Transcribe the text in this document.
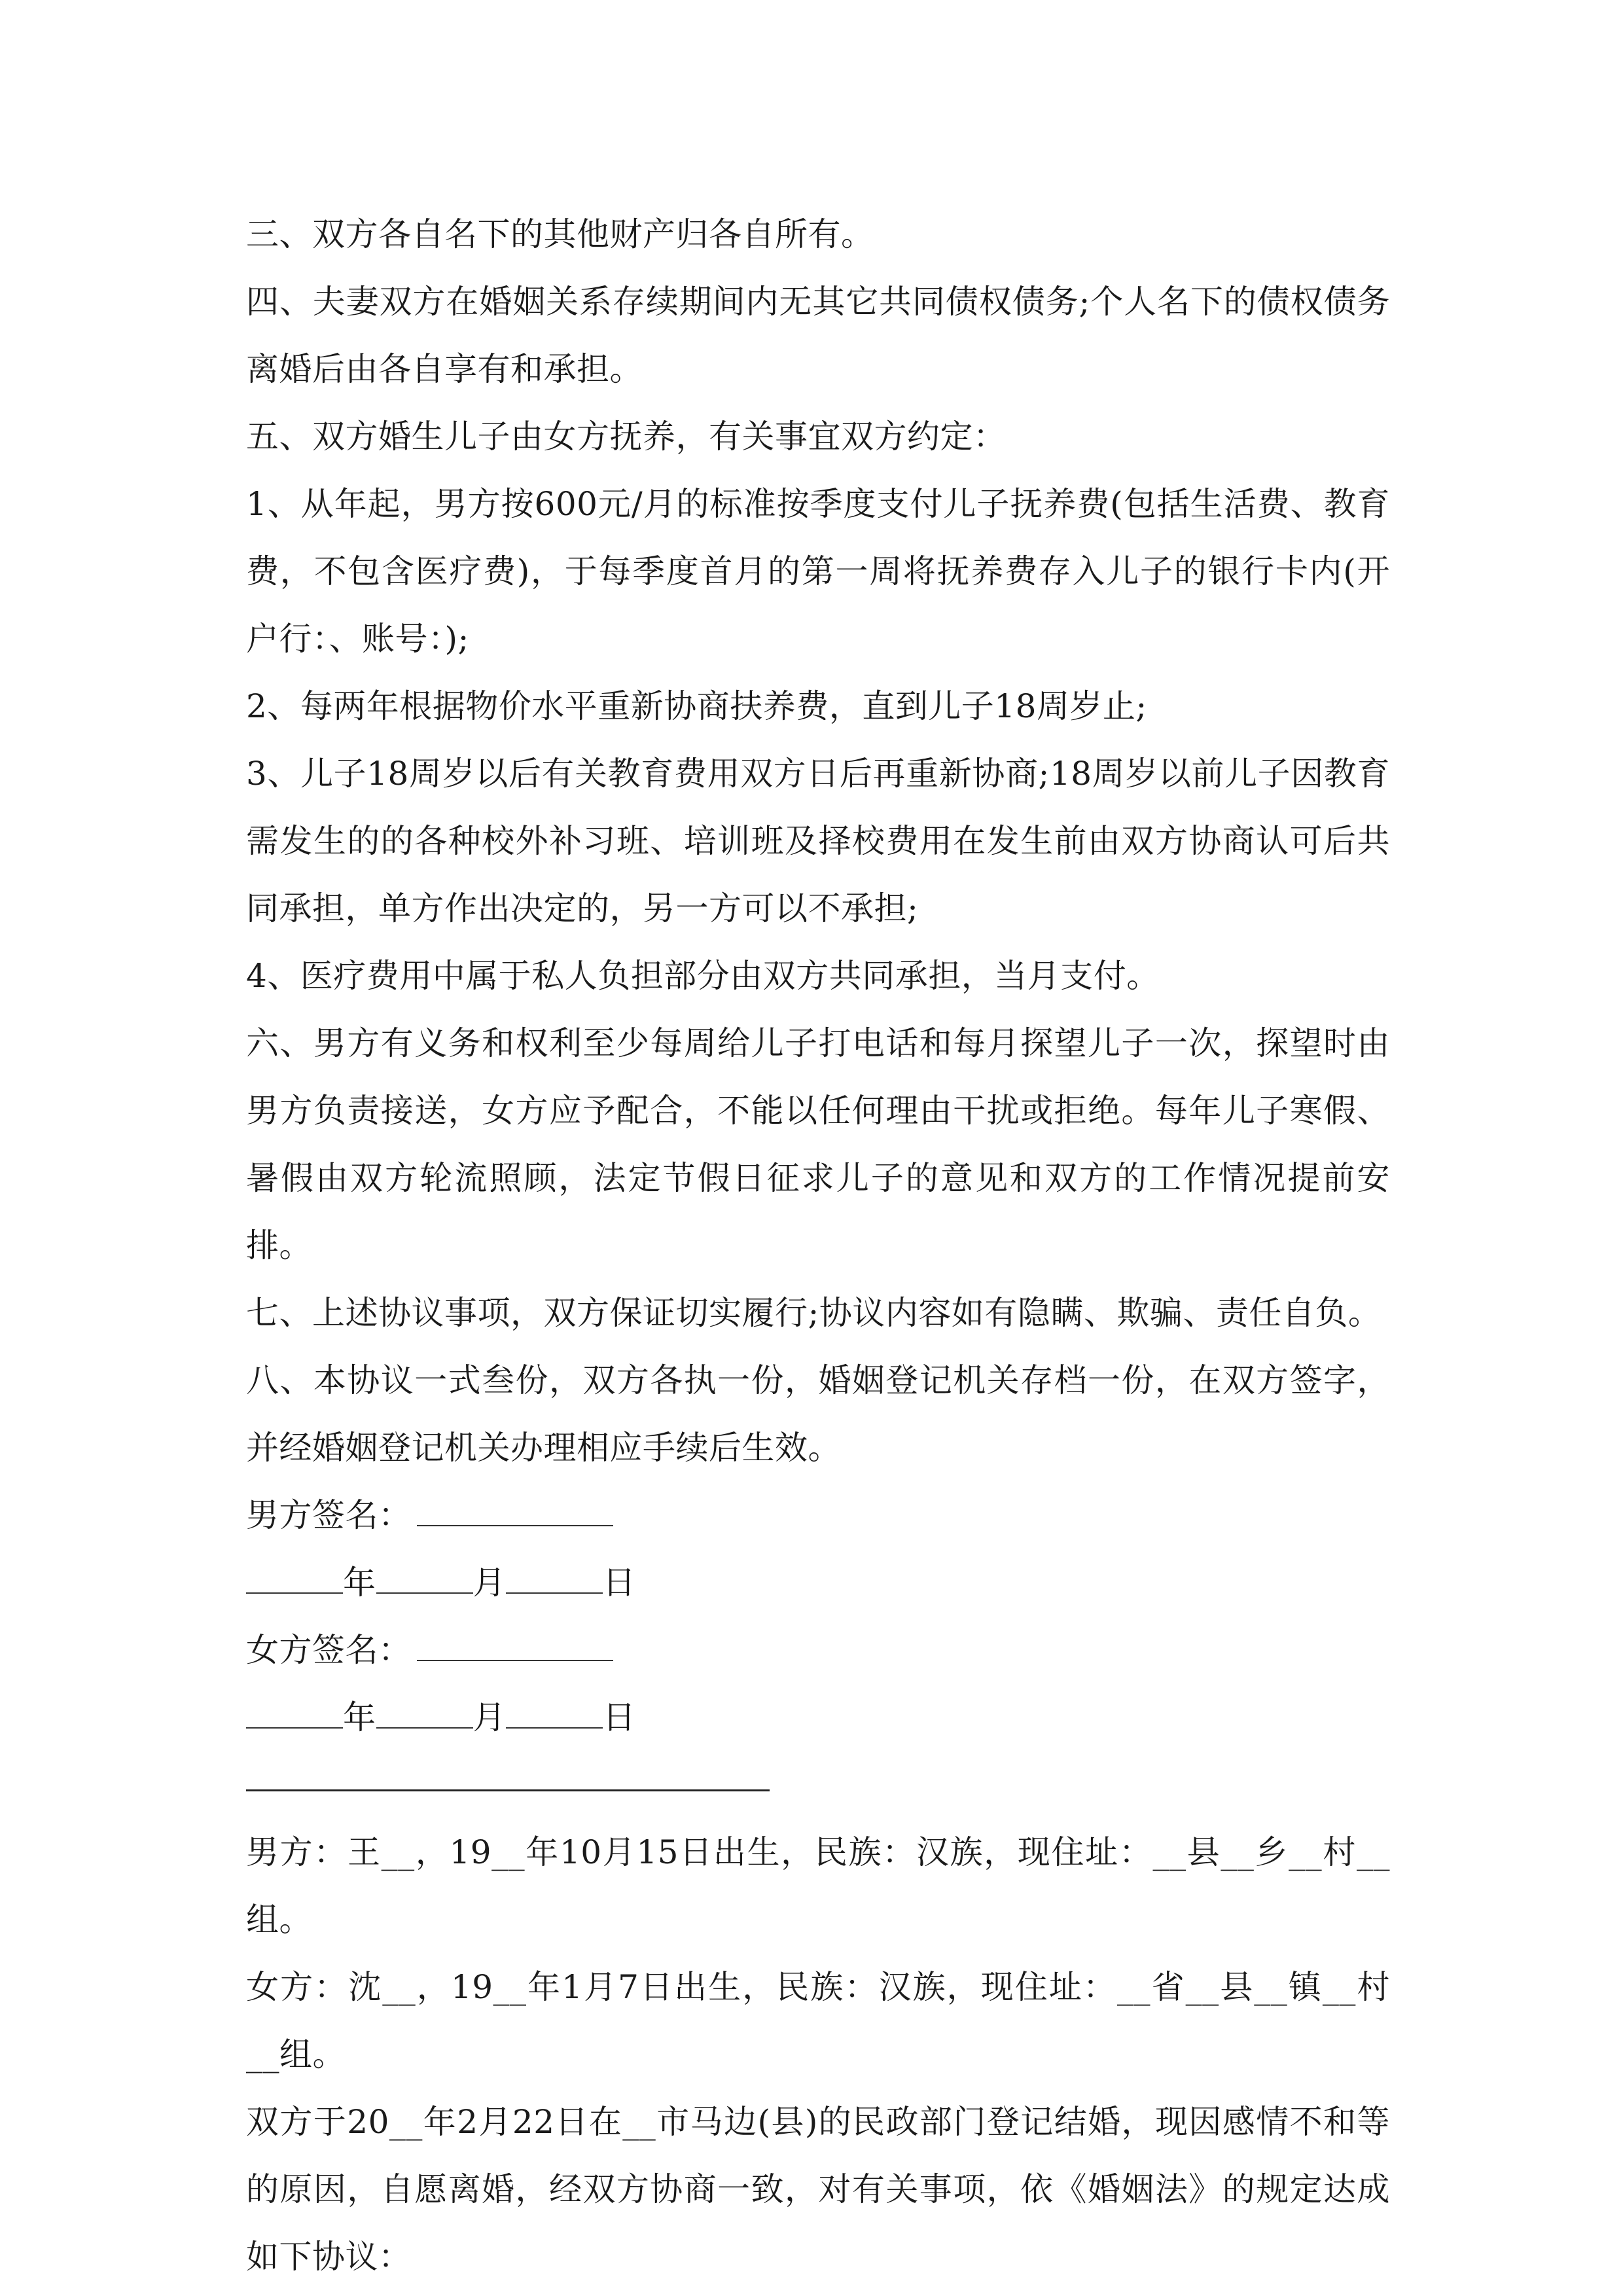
三、双方各自名下的其他财产归各自所有。

四、夫妻双方在婚姻关系存续期间内无其它共同债权债务;个人名下的债权债务离婚后由各自享有和承担。

五、双方婚生儿子由女方抚养，有关事宜双方约定：

1、从年起，男方按600元/月的标准按季度支付儿子抚养费(包括生活费、教育费，不包含医疗费)，于每季度首月的第一周将抚养费存入儿子的银行卡内(开户行：、账号：);

2、每两年根据物价水平重新协商扶养费，直到儿子18周岁止;

3、儿子18周岁以后有关教育费用双方日后再重新协商;18周岁以前儿子因教育需发生的的各种校外补习班、培训班及择校费用在发生前由双方协商认可后共同承担，单方作出决定的，另一方可以不承担;

4、医疗费用中属于私人负担部分由双方共同承担，当月支付。

六、男方有义务和权利至少每周给儿子打电话和每月探望儿子一次，探望时由男方负责接送，女方应予配合，不能以任何理由干扰或拒绝。每年儿子寒假、暑假由双方轮流照顾，法定节假日征求儿子的意见和双方的工作情况提前安排。

七、上述协议事项，双方保证切实履行;协议内容如有隐瞒、欺骗、责任自负。

八、本协议一式叁份，双方各执一份，婚姻登记机关存档一份，在双方签字，并经婚姻登记机关办理相应手续后生效。

男方签名：

年	月	日

女方签名：

年	月	日

男方：王__，19__年10月15日出生，民族：汉族，现住址：__县__乡__村__组。

女方：沈__，19__年1月7日出生，民族：汉族，现住址：__省__县__镇__村__组。

双方于20__年2月22日在__市马边(县)的民政部门登记结婚，现因感情不和等的原因，自愿离婚，经双方协商一致，对有关事项，依《婚姻法》的规定达成如下协议：
